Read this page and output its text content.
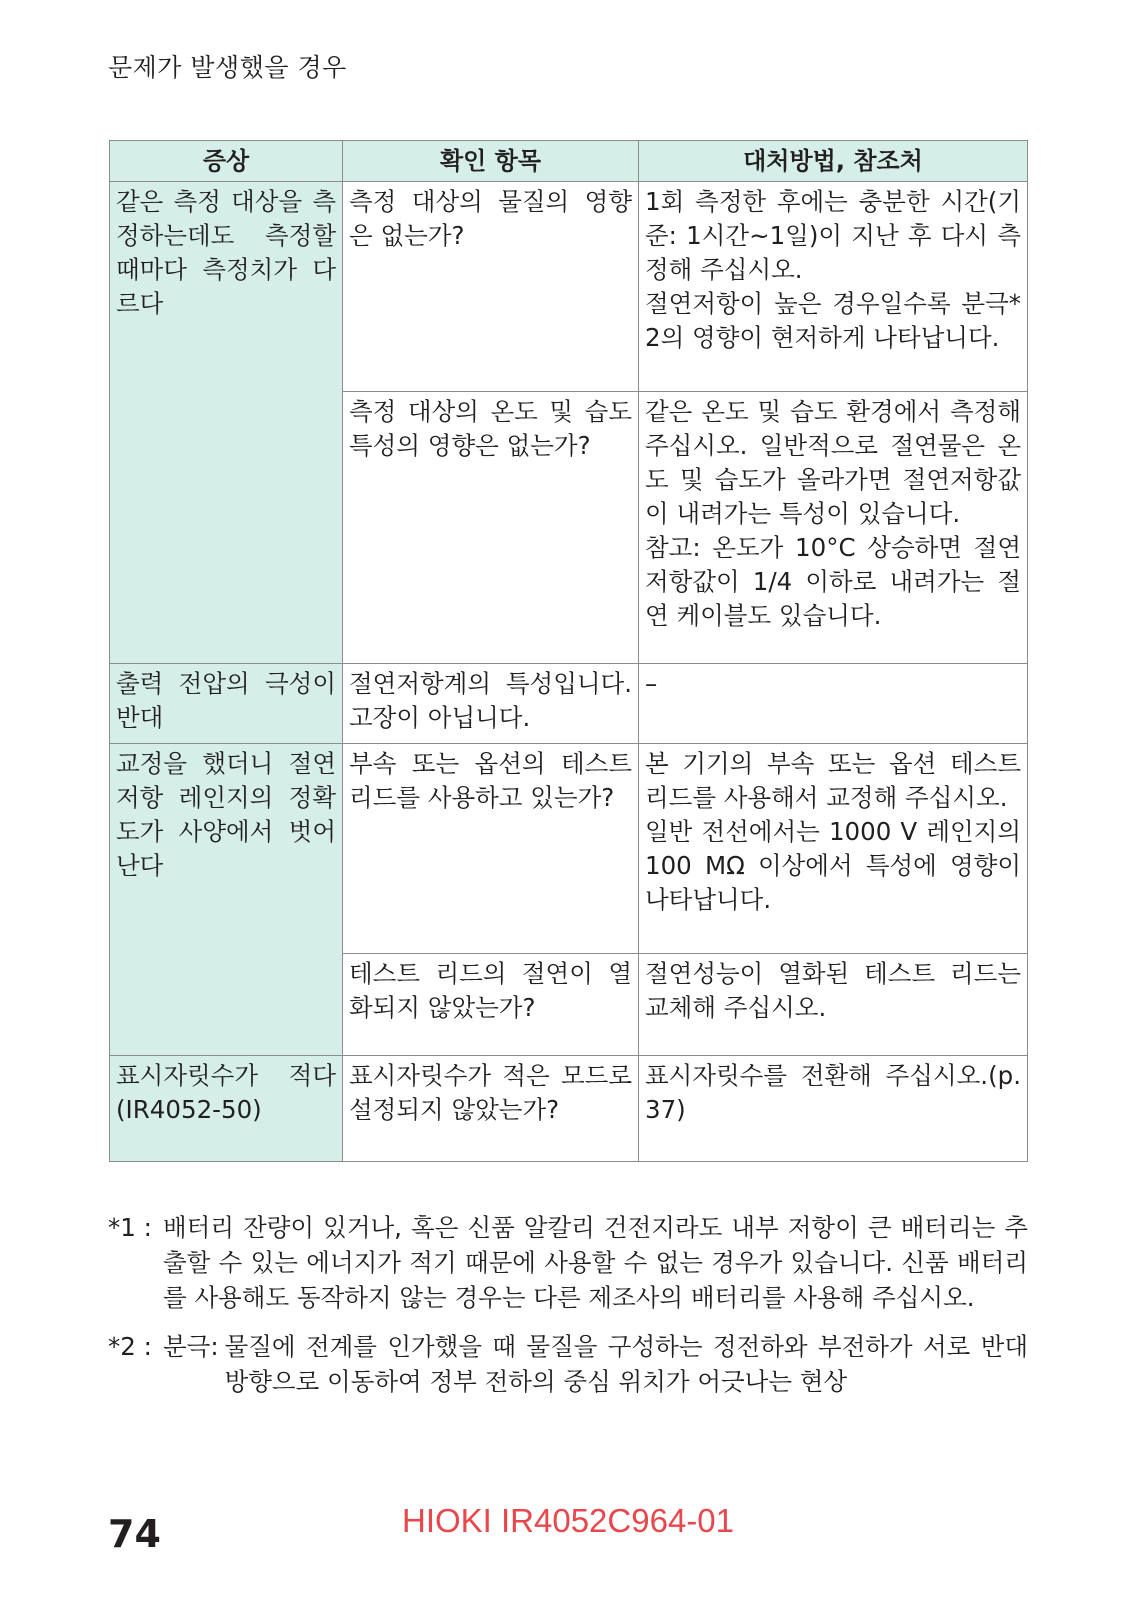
문제가 발생했을 경우
증상	확인 항목	대처방법, 참조처
같은 측정 대상을 측정하는데도 측정할 때마다 측정치가 다르다	측정 대상의 물질의 영향은 없는가?	1회 측정한 후에는 충분한 시간(기준: 1시간~1일)이 지난 후 다시 측정해 주십시오.
절연저항이 높은 경우일수록 분극*2의 영향이 현저하게 나타납니다.

	측정 대상의 온도 및 습도 특성의 영향은 없는가?	같은 온도 및 습도 환경에서 측정해 주십시오. 일반적으로 절연물은 온도 및 습도가 올라가면 절연저항값이 내려가는 특성이 있습니다.
참고: 온도가 10°C 상승하면 절연저항값이 1/4 이하로 내려가는 절연 케이블도 있습니다.

출력 전압의 극성이 반대	절연저항계의 특성입니다. 고장이 아닙니다.	–
교정을 했더니 절연저항 레인지의 정확도가 사양에서 벗어난다	부속 또는 옵션의 테스트 리드를 사용하고 있는가?	본 기기의 부속 또는 옵션 테스트 리드를 사용해서 교정해 주십시오.
일반 전선에서는 1000 V 레인지의 100 MΩ 이상에서 특성에 영향이 나타납니다.

	테스트 리드의 절연이 열화되지 않았는가?	절연성능이 열화된 테스트 리드는 교체해 주십시오.

표시자릿수가 적다 (IR4052-50)	표시자릿수가 적은 모드로 설정되지 않았는가?	표시자릿수를 전환해 주십시오.(p.37)
*1 : 배터리 잔량이 있거나, 혹은 신품 알칼리 건전지라도 내부 저항이 큰 배터리는 추출할 수 있는 에너지가 적기 때문에 사용할 수 없는 경우가 있습니다. 신품 배터리를 사용해도 동작하지 않는 경우는 다른 제조사의 배터리를 사용해 주십시오.
*2 : 분극: 물질에 전계를 인가했을 때 물질을 구성하는 정전하와 부전하가 서로 반대 방향으로 이동하여 정부 전하의 중심 위치가 어긋나는 현상
74	HIOKI IR4052C964-01
